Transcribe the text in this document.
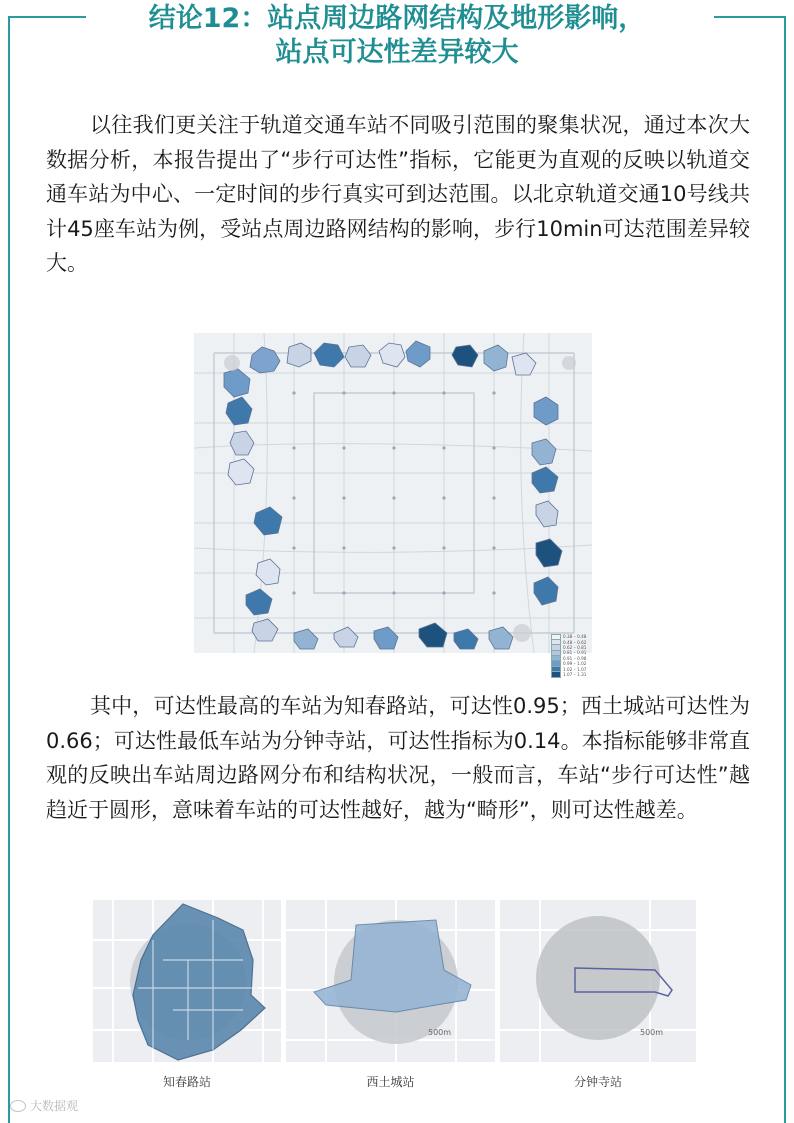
结论12：站点周边路网结构及地形影响，
站点可达性差异较大

以往我们更关注于轨道交通车站不同吸引范围的聚集状况，通过本次大数据分析，本报告提出了“步行可达性”指标，它能更为直观的反映以轨道交通车站为中心、一定时间的步行真实可到达范围。以北京轨道交通10号线共计45座车站为例，受站点周边路网结构的影响，步行10min可达范围差异较大。

0.38 – 0.48
0.48 – 0.62
0.62 – 0.81
0.81 – 0.91
0.91 – 0.98
0.99 – 1.02
1.02 – 1.07
1.07 – 1.31

其中，可达性最高的车站为知春路站，可达性0.95；西土城站可达性为0.66；可达性最低车站为分钟寺站，可达性指标为0.14。本指标能够非常直观的反映出车站周边路网分布和结构状况，一般而言，车站“步行可达性”越趋近于圆形，意味着车站的可达性越好，越为“畸形”，则可达性越差。

知春路站
500m
西土城站
500m
分钟寺站
大数据观
